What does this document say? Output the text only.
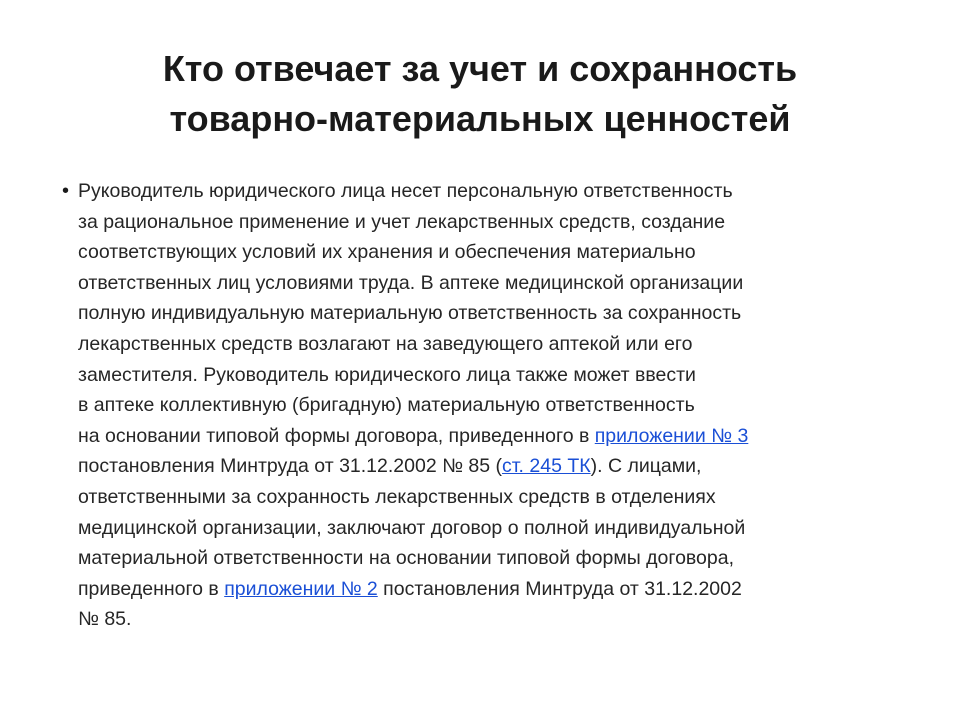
Кто отвечает за учет и сохранность
товарно-материальных ценностей
• Руководитель юридического лица несет персональную ответственность
за рациональное применение и учет лекарственных средств, создание
соответствующих условий их хранения и обеспечения материально
ответственных лиц условиями труда. В аптеке медицинской организации
полную индивидуальную материальную ответственность за сохранность
лекарственных средств возлагают на заведующего аптекой или его
заместителя. Руководитель юридического лица также может ввести
в аптеке коллективную (бригадную) материальную ответственность
на основании типовой формы договора, приведенного в приложении № 3
постановления Минтруда от 31.12.2002 № 85 (ст. 245 ТК). С лицами,
ответственными за сохранность лекарственных средств в отделениях
медицинской организации, заключают договор о полной индивидуальной
материальной ответственности на основании типовой формы договора,
приведенного в приложении № 2 постановления Минтруда от 31.12.2002
№ 85.
